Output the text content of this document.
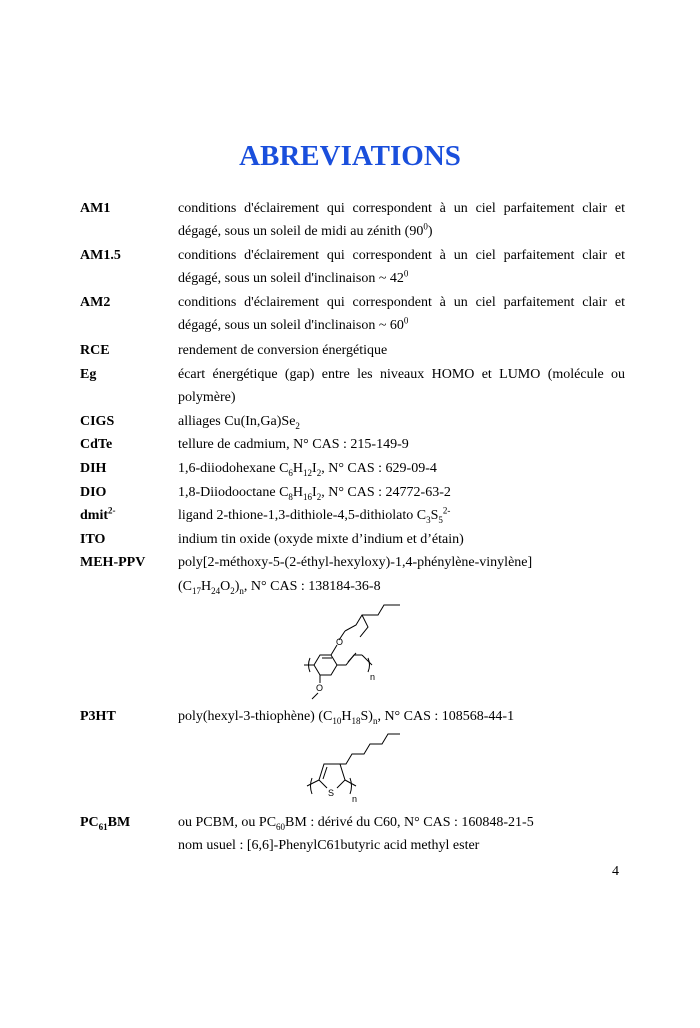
ABREVIATIONS
AM1	conditions d'éclairement qui correspondent à un ciel parfaitement clair et
dégagé, sous un soleil de midi au zénith $(90^0)$
AM1.5	conditions d'éclairement qui correspondent à un ciel parfaitement clair et
dégagé, sous un soleil d'inclinaison ~ $42^0$
AM2	conditions d'éclairement qui correspondent à un ciel parfaitement clair et
dégagé, sous un soleil d'inclinaison ~ $60^0$
RCE	rendement de conversion énergétique
Eg	écart énergétique (gap) entre les niveaux HOMO et LUMO (molécule ou
polymère)
CIGS	alliages $Cu(In,Ga)Se_2$
CdTe	tellure de cadmium, N° CAS : 215-149-9
DIH	1,6-diiodohexane $C_6H_{12}I_2$, N° CAS : 629-09-4
DIO	1,8-Diiodooctane $C_8H_{16}I_2$, N° CAS : 24772-63-2
dmit$^{2-}$	ligand 2-thione-1,3-dithiole-4,5-dithiolato $C_3S_5^{2-}$
ITO	indium tin oxide (oxyde mixte d’indium et d’étain)
MEH-PPV poly[2-méthoxy-5-(2-éthyl-hexyloxy)-1,4-phénylène-vinylène]
$(C_{17}H_{24}O_2)_n$, N° CAS : 138184-36-8
O
n
O
P3HT	poly(hexyl-3-thiophène) $(C_{10}H_{18}S)_n$, N° CAS : 108568-44-1
S
n
$PC_{61}BM$	ou PCBM, ou $PC_{60}BM$ : dérivé du C60, N° CAS : 160848-21-5
nom usuel : [6,6]-PhenylC61butyric acid methyl ester
4
